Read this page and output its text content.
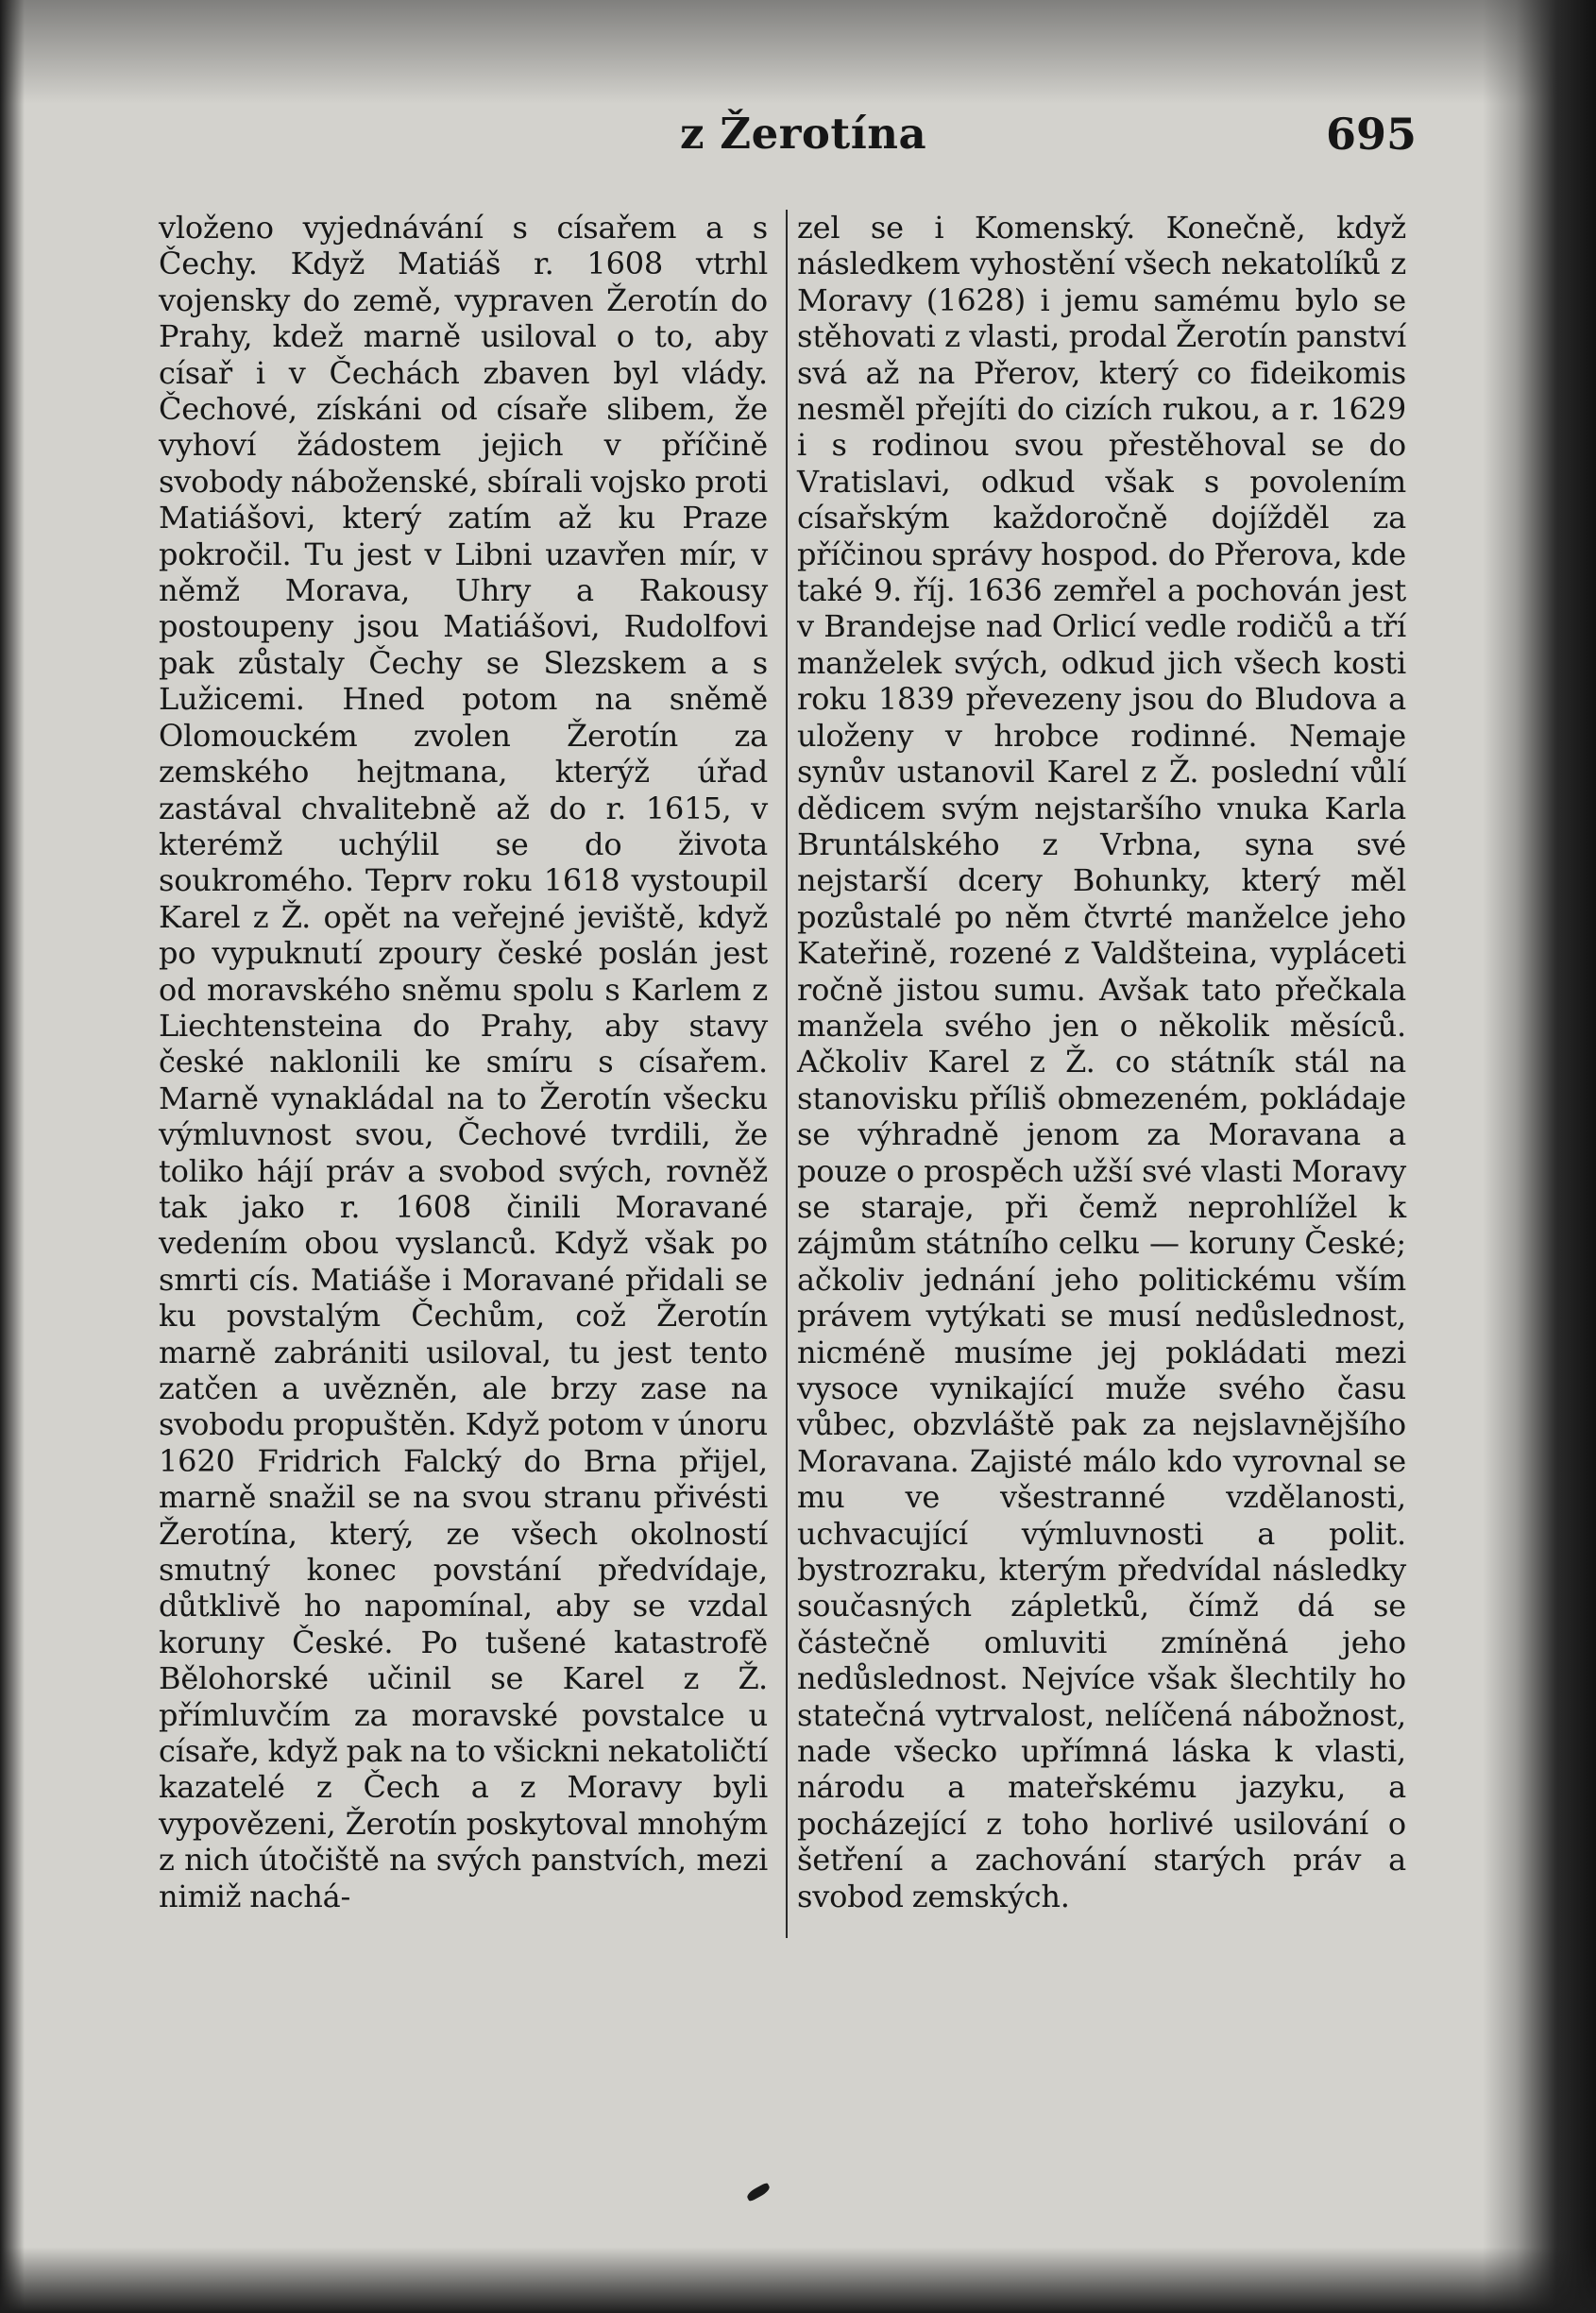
z Žerotína	695

vloženo vyjednávání s císařem a s Čechy. Když Matiáš r. 1608 vtrhl vojensky do země, vypraven Žerotín do Prahy, kdež marně usiloval o to, aby císař i v Čechách zbaven byl vlády. Čechové, získáni od císaře slibem, že vyhoví žádostem jejich v příčině svobody náboženské, sbírali vojsko proti Matiášovi, který zatím až ku Praze pokročil. Tu jest v Libni uzavřen mír, v němž Morava, Uhry a Rakousy postoupeny jsou Matiášovi, Rudolfovi pak zůstaly Čechy se Slezskem a s Lužicemi. Hned potom na sněmě Olomouckém zvolen Žerotín za zemského hejtmana, kterýž úřad zastával chvalitebně až do r. 1615, v kterémž uchýlil se do života soukromého. Teprv roku 1618 vystoupil Karel z Ž. opět na veřejné jeviště, když po vypuknutí zpoury české poslán jest od moravského sněmu spolu s Karlem z Liechtensteina do Prahy, aby stavy české naklonili ke smíru s císařem. Marně vynakládal na to Žerotín všecku výmluvnost svou, Čechové tvrdili, že toliko hájí práv a svobod svých, rovněž tak jako r. 1608 činili Moravané vedením obou vyslanců. Když však po smrti cís. Matiáše i Moravané přidali se ku povstalým Čechům, což Žerotín marně zabrániti usiloval, tu jest tento zatčen a uvězněn, ale brzy zase na svobodu propuštěn. Když potom v únoru 1620 Fridrich Falcký do Brna přijel, marně snažil se na svou stranu přivésti Žerotína, který, ze všech okolností smutný konec povstání předvídaje, důtklivě ho napomínal, aby se vzdal koruny České. Po tušené katastrofě Bělohorské učinil se Karel z Ž. přímluvčím za moravské povstalce u císaře, když pak na to všickni nekatoličtí kazatelé z Čech a z Moravy byli vypovězeni, Žerotín poskytoval mnohým z nich útočiště na svých panstvích, mezi nimiž nachá-

zel se i Komenský. Konečně, když následkem vyhostění všech nekatolíků z Moravy (1628) i jemu samému bylo se stěhovati z vlasti, prodal Žerotín panství svá až na Přerov, který co fideikomis nesměl přejíti do cizích rukou, a r. 1629 i s rodinou svou přestěhoval se do Vratislavi, odkud však s povolením císařským každoročně dojížděl za příčinou správy hospod. do Přerova, kde také 9. říj. 1636 zemřel a pochován jest v Brandejse nad Orlicí vedle rodičů a tří manželek svých, odkud jich všech kosti roku 1839 převezeny jsou do Bludova a uloženy v hrobce rodinné. Nemaje synův ustanovil Karel z Ž. poslední vůlí dědicem svým nejstaršího vnuka Karla Bruntálského z Vrbna, syna své nejstarší dcery Bohunky, který měl pozůstalé po něm čtvrté manželce jeho Kateřině, rozené z Valdšteina, vypláceti ročně jistou sumu. Avšak tato přečkala manžela svého jen o několik měsíců. Ačkoliv Karel z Ž. co státník stál na stanovisku příliš obmezeném, pokládaje se výhradně jenom za Moravana a pouze o prospěch užší své vlasti Moravy se staraje, při čemž neprohlížel k zájmům státního celku — koruny České; ačkoliv jednání jeho politickému vším právem vytýkati se musí nedůslednost, nicméně musíme jej pokládati mezi vysoce vynikající muže svého času vůbec, obzvláště pak za nejslavnějšího Moravana. Zajisté málo kdo vyrovnal se mu ve všestranné vzdělanosti, uchvacující výmluvnosti a polit. bystrozraku, kterým předvídal následky současných zápletků, čímž dá se částečně omluviti zmíněná jeho nedůslednost. Nejvíce však šlechtily ho statečná vytrvalost, nelíčená nábožnost, nade všecko upřímná láska k vlasti, národu a mateřskému jazyku, a pocházející z toho horlivé usilování o šetření a zachování starých práv a svobod zemských.
